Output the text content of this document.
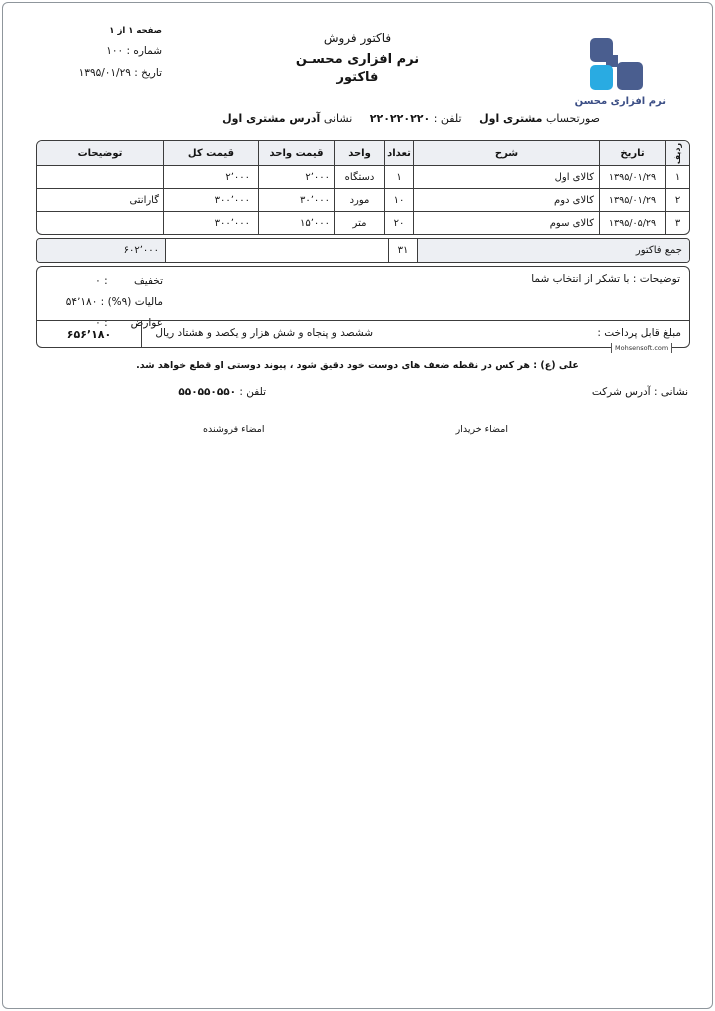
صفحه ۱ از ۱
شماره : ۱۰۰
تاریخ : ۱۳۹۵/۰۱/۲۹
فاکتور فروش
نرم افزاری محسـن
فاکتور
نرم افزاری محسن
صورتحساب مشتری اول تلفن : ۲۲۰۲۲۰۲۲۰ نشانی آدرس مشتری اول
ردیف
تاریخ
شرح
تعداد
واحد
قیمت واحد
قیمت کل
توضیحات
۱
۱۳۹۵/۰۱/۲۹
کالای اول
۱
دستگاه
۲٬۰۰۰
۲٬۰۰۰
۲
۱۳۹۵/۰۱/۲۹
کالای دوم
۱۰
مورد
۳۰٬۰۰۰
۳۰۰٬۰۰۰
گارانتی
۳
۱۳۹۵/۰۵/۲۹
کالای سوم
۲۰
متر
۱۵٬۰۰۰
۳۰۰٬۰۰۰
جمع فاکتور
۳۱
۶۰۲٬۰۰۰
توضیحات : با تشکر از انتخاب شما
تخفیف : ۰
مالیات (۹%) : ۵۴٬۱۸۰
عوارض : ۰
مبلغ قابل پرداخت :
ششصد و پنجاه و شش هزار و یکصد و هشتاد ریال
۶۵۶٬۱۸۰
Mohsensoft.com
علی (ع) : هر کس در نقطه ضعف های دوست خود دقیق شود ، پیوند دوستی او قطع خواهد شد.
نشانی : آدرس شرکت
تلفن : ۵۵۰۵۵۰۵۵۰
امضاء خریدار
امضاء فروشنده
